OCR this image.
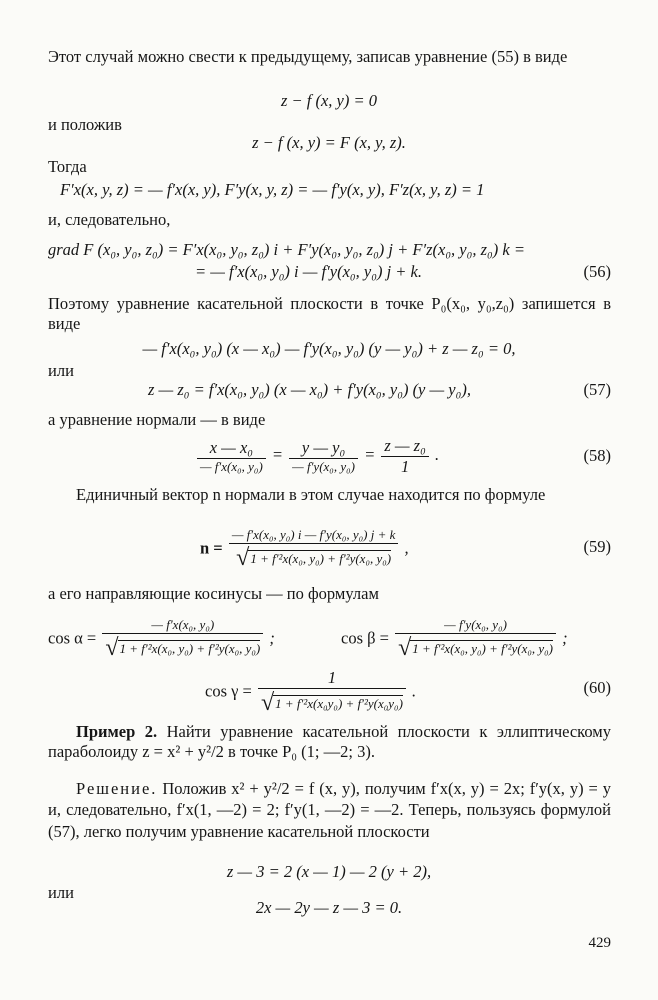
Этот случай можно свести к предыдущему, записав уравнение (55) в виде
z − f (x, y) = 0
и положив
z − f (x, y) = F (x, y, z).
Тогда
F′x(x, y, z) = — f′x(x, y), F′y(x, y, z) = — f′y(x, y), F′z(x, y, z) = 1
и, следовательно,
grad F (x₀, y₀, z₀) = F′x(x₀, y₀, z₀) i + F′y(x₀, y₀, z₀) j + F′z(x₀, y₀, z₀) k =
= — f′x(x₀, y₀) i — f′y(x₀, y₀) j + k.	(56)
Поэтому уравнение касательной плоскости в точке P₀(x₀, y₀,z₀) запишется в виде
— f′x(x₀, y₀) (x — x₀) — f′y(x₀, y₀) (y — y₀) + z — z₀ = 0,
или
z — z₀ = f′x(x₀, y₀) (x — x₀) + f′y(x₀, y₀) (y — y₀),	(57)
а уравнение нормали — в виде
$\frac{\text{x — x₀}}{\text{— f′x(x₀, y₀)}} = \frac{\text{y — y₀}}{\text{— f′y(x₀, y₀)}} = \frac{\text{z — z₀}}{1}$ .	(58)
Единичный вектор n нормали в этом случае находится по формуле
$n = \frac{\text{— f′x(x₀, y₀) i — f′y(x₀, y₀) j + k}}{\text{√1 + f′²x(x₀, y₀) + f′²y(x₀, y₀)}}$ ,	(59)
а его направляющие косинусы — по формулам
$\cos \alpha = \frac{\text{— f′x(x₀, y₀)}}{\text{√1 + f′²x(x₀, y₀) + f′²y(x₀, y₀)}}$ ;	$\cos \beta = \frac{\text{— f′y(x₀, y₀)}}{\text{√1 + f′²x(x₀, y₀) + f′²y(x₀, y₀)}}$ ;
$\cos \gamma = \frac{1}{\text{√1 + f′²x(x₀y₀) + f′²y(x₀y₀)}}$ .	(60)
Пример 2. Найти уравнение касательной плоскости к эллиптическому параболоиду z = x² + y²/2 в точке P₀ (1; —2; 3).
Решение. Положив x² + y²/2 = f (x, y), получим f′x(x, y) = 2x; f′y(x, y) = y и, следовательно, f′x(1, —2) = 2; f′y(1, —2) = —2. Теперь, пользуясь формулой (57), легко получим уравнение касательной плоскости
z — 3 = 2 (x — 1) — 2 (y + 2),
или
2x — 2y — z — 3 = 0.
429
